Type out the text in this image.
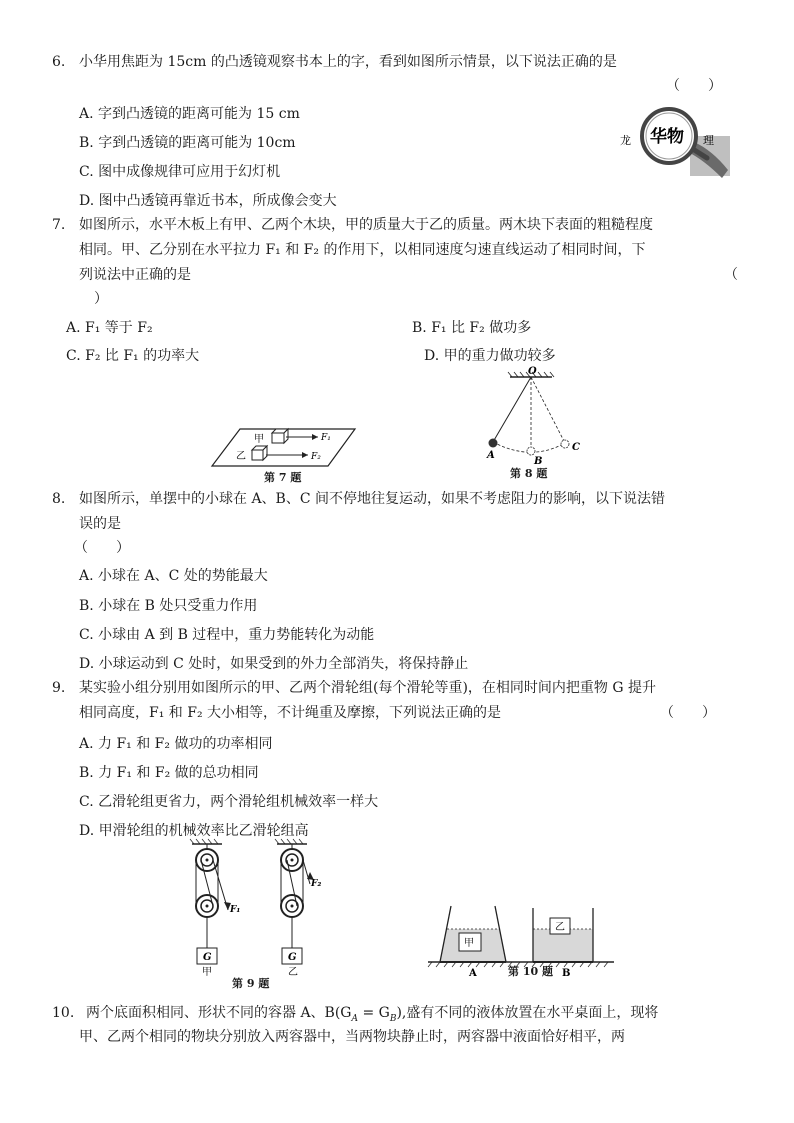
6. 小华用焦距为 15cm 的凸透镜观察书本上的字，看到如图所示情景，以下说法正确的是
（　　）
A. 字到凸透镜的距离可能为 15 cm
B. 字到凸透镜的距离可能为 10cm
C. 图中成像规律可应用于幻灯机
D. 图中凸透镜再靠近书本，所成像会变大
龙 华物 理
7. 如图所示，水平木板上有甲、乙两个木块，甲的质量大于乙的质量。两木块下表面的粗糙程度
相同。甲、乙分别在水平拉力 F₁ 和 F₂ 的作用下，以相同速度匀速直线运动了相同时间，下
列说法中正确的是	（
）
A. F₁ 等于 F₂	B. F₁ 比 F₂ 做功多
C. F₂ 比 F₁ 的功率大	D. 甲的重力做功较多
甲	F₁
乙	F₂
第 7 题
O
A
B
C
第 8 题
8. 如图所示，单摆中的小球在 A、B、C 间不停地往复运动，如果不考虑阻力的影响，以下说法错
误的是
（　　）
A. 小球在 A、C 处的势能最大
B. 小球在 B 处只受重力作用
C. 小球由 A 到 B 过程中，重力势能转化为动能
D. 小球运动到 C 处时，如果受到的外力全部消失，将保持静止
9. 某实验小组分别用如图所示的甲、乙两个滑轮组(每个滑轮等重)，在相同时间内把重物 G 提升
相同高度，F₁ 和 F₂ 大小相等，不计绳重及摩擦，下列说法正确的是	（　　）
A. 力 F₁ 和 F₂ 做功的功率相同
B. 力 F₁ 和 F₂ 做的总功相同
C. 乙滑轮组更省力，两个滑轮组机械效率一样大
D. 甲滑轮组的机械效率比乙滑轮组高
F₁
G
甲
F₂
G
乙
第 9 题
甲
A
乙
B
第 10 题
10. 两个底面积相同、形状不同的容器 A、$B(G_A = G_B)$,盛有不同的液体放置在水平桌面上，现将
甲、乙两个相同的物块分别放入两容器中，当两物块静止时，两容器中液面恰好相平，两
